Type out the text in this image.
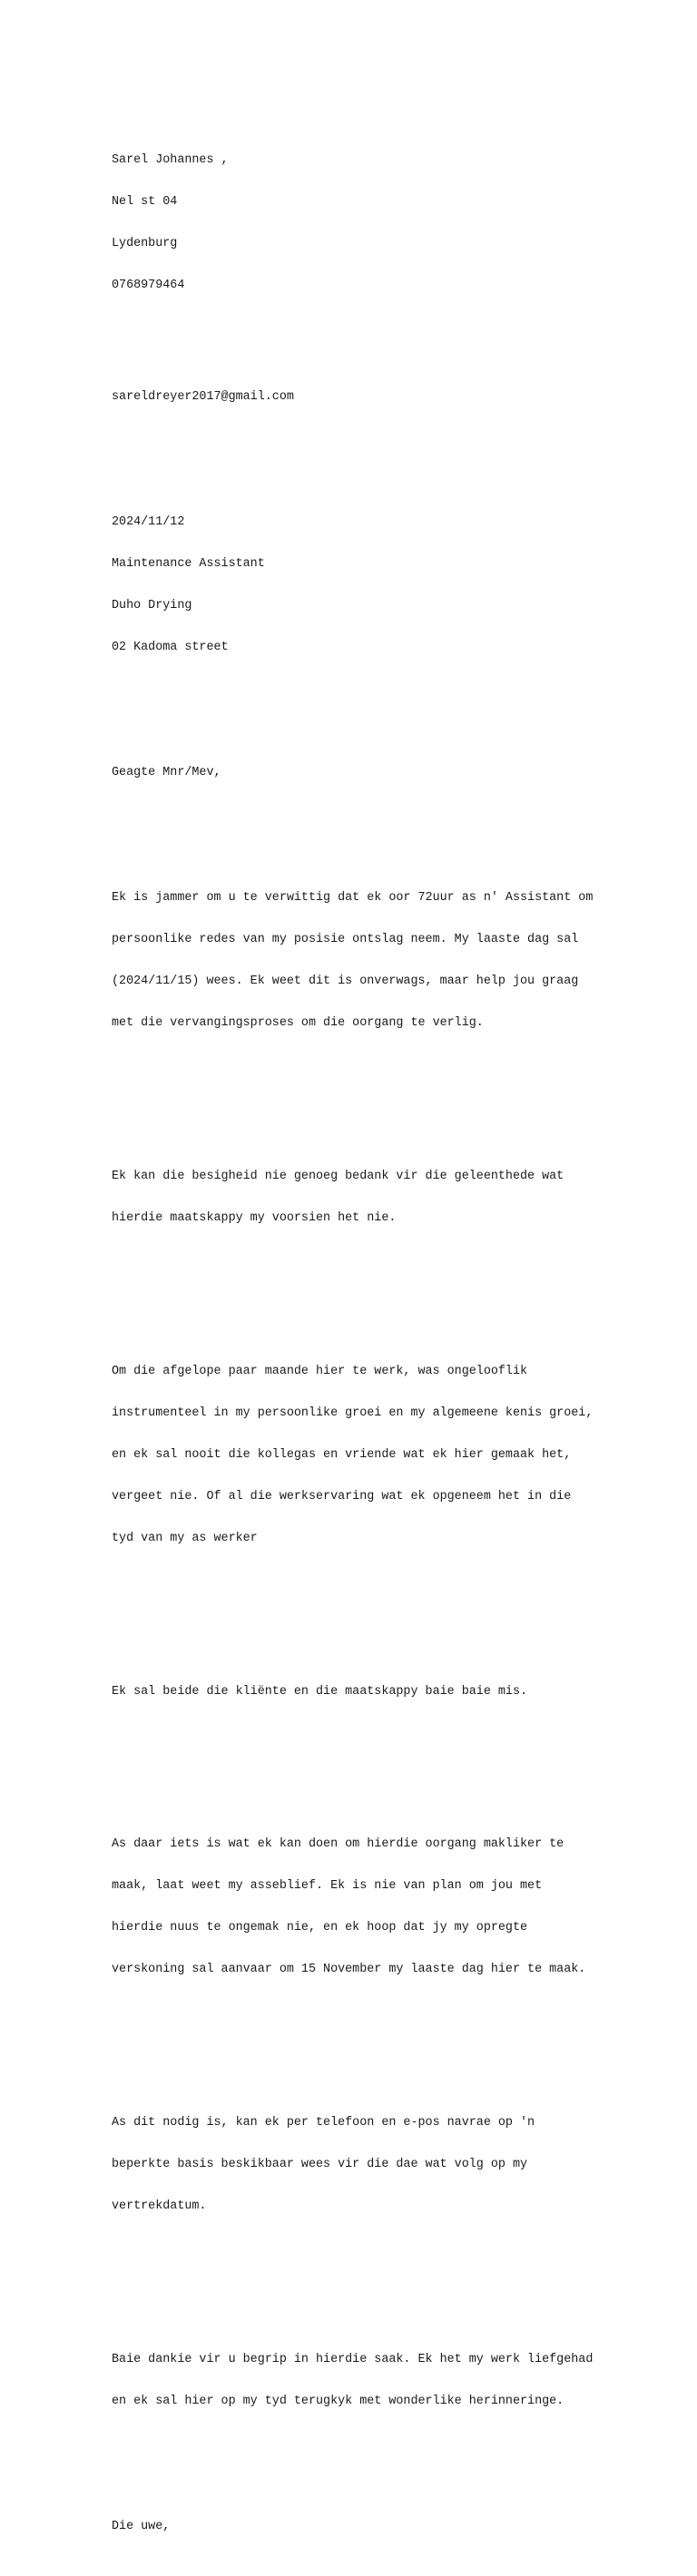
Sarel Johannes ,

Nel st 04

Lydenburg

0768979464

sareldreyer2017@gmail.com

2024/11/12

Maintenance Assistant

Duho Drying

02 Kadoma street

Geagte Mnr/Mev,

Ek is jammer om u te verwittig dat ek oor 72uur as n' Assistant om

persoonlike redes van my posisie ontslag neem. My laaste dag sal

(2024/11/15) wees. Ek weet dit is onverwags, maar help jou graag

met die vervangingsproses om die oorgang te verlig.

Ek kan die besigheid nie genoeg bedank vir die geleenthede wat

hierdie maatskappy my voorsien het nie.

Om die afgelope paar maande hier te werk, was ongelooflik

instrumenteel in my persoonlike groei en my algemeene kenis groei,

en ek sal nooit die kollegas en vriende wat ek hier gemaak het,

vergeet nie. Of al die werkservaring wat ek opgeneem het in die

tyd van my as werker

Ek sal beide die kliënte en die maatskappy baie baie mis.

As daar iets is wat ek kan doen om hierdie oorgang makliker te

maak, laat weet my asseblief. Ek is nie van plan om jou met

hierdie nuus te ongemak nie, en ek hoop dat jy my opregte

verskoning sal aanvaar om 15 November my laaste dag hier te maak.

As dit nodig is, kan ek per telefoon en e-pos navrae op 'n

beperkte basis beskikbaar wees vir die dae wat volg op my

vertrekdatum.

Baie dankie vir u begrip in hierdie saak. Ek het my werk liefgehad

en ek sal hier op my tyd terugkyk met wonderlike herinneringe.

Die uwe,
